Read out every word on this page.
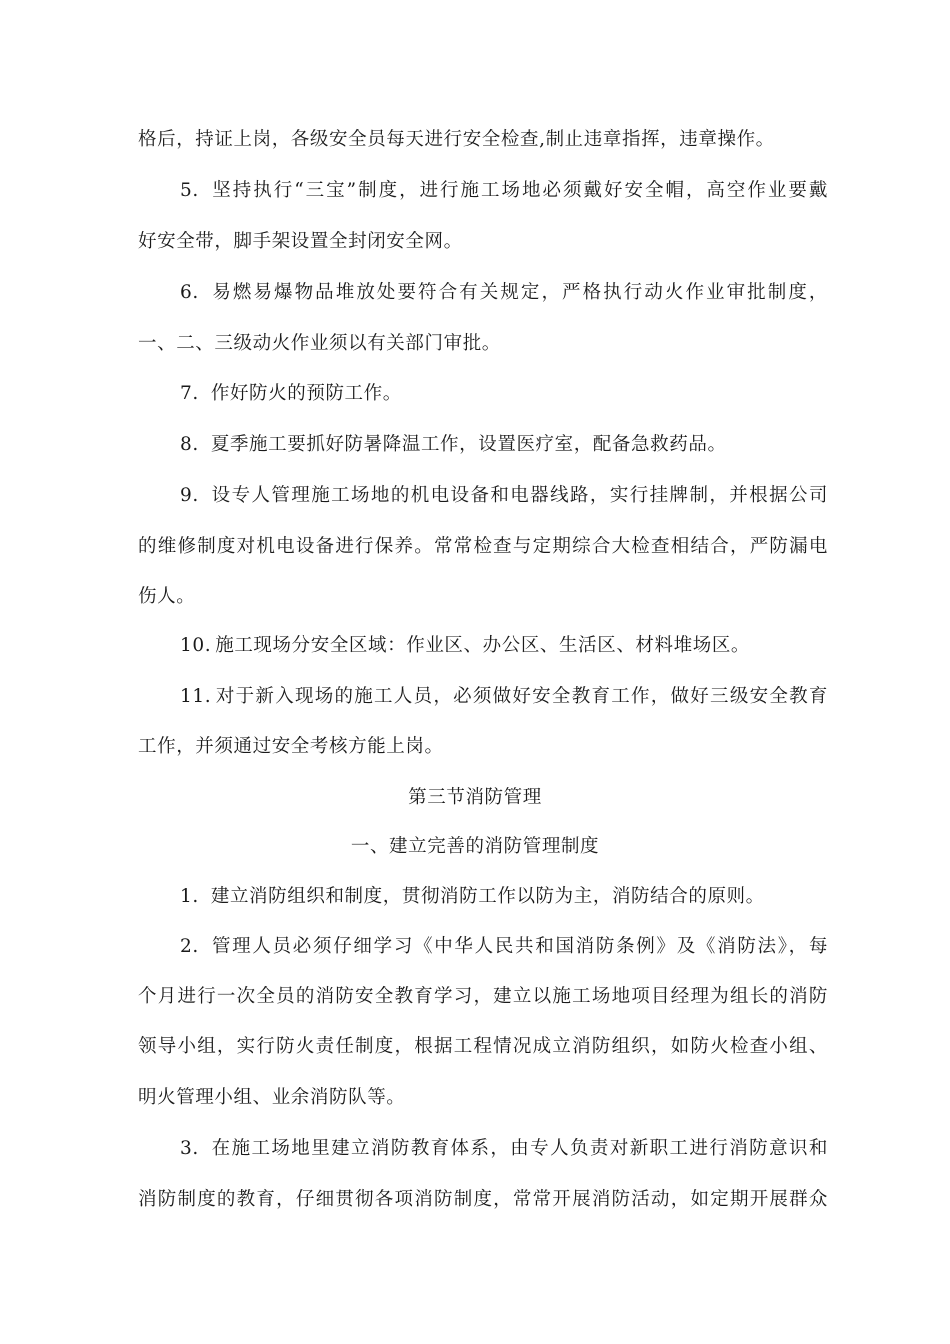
格后，持证上岗，各级安全员每天进行安全检查,制止违章指挥，违章操作。
5. 坚持执行“三宝”制度，进行施工场地必须戴好安全帽，高空作业要戴
好安全带，脚手架设置全封闭安全网。
6. 易燃易爆物品堆放处要符合有关规定，严格执行动火作业审批制度，
一、二、三级动火作业须以有关部门审批。
7. 作好防火的预防工作。
8. 夏季施工要抓好防暑降温工作，设置医疗室，配备急救药品。
9. 设专人管理施工场地的机电设备和电器线路，实行挂牌制，并根据公司
的维修制度对机电设备进行保养。常常检查与定期综合大检查相结合，严防漏电
伤人。
10. 施工现场分安全区域：作业区、办公区、生活区、材料堆场区。
11. 对于新入现场的施工人员，必须做好安全教育工作，做好三级安全教育
工作，并须通过安全考核方能上岗。
第三节消防管理
一、建立完善的消防管理制度
1. 建立消防组织和制度，贯彻消防工作以防为主，消防结合的原则。
2. 管理人员必须仔细学习《中华人民共和国消防条例》及《消防法》，每
个月进行一次全员的消防安全教育学习，建立以施工场地项目经理为组长的消防
领导小组，实行防火责任制度，根据工程情况成立消防组织，如防火检查小组、
明火管理小组、业余消防队等。
3. 在施工场地里建立消防教育体系，由专人负责对新职工进行消防意识和
消防制度的教育，仔细贯彻各项消防制度，常常开展消防活动，如定期开展群众
